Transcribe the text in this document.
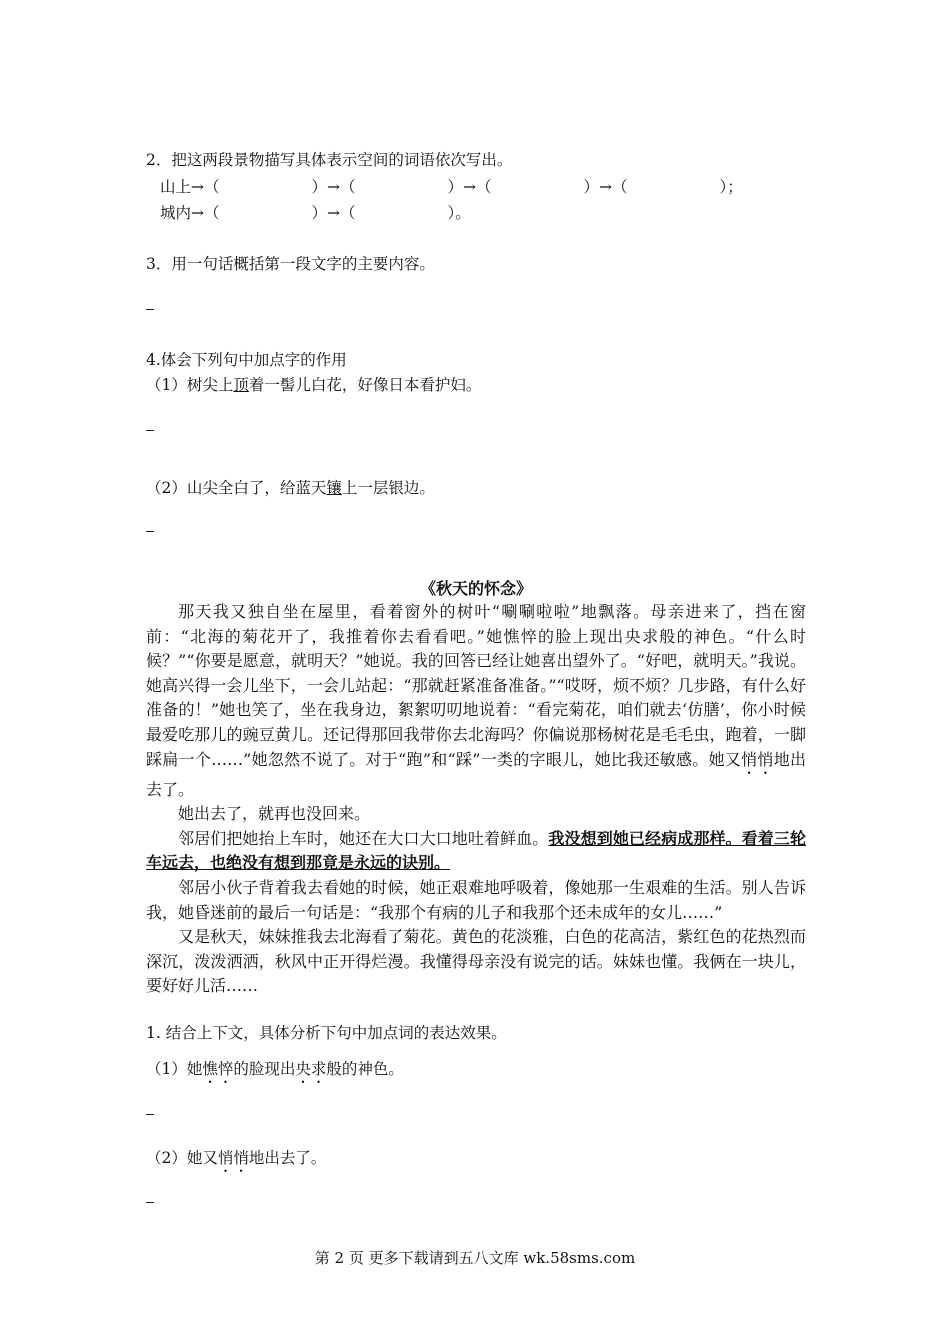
2．把这两段景物描写具体表示空间的词语依次写出。
山上→（	）→（	）→（	）→（	）；
城内→（	）→（	）。
3．用一句话概括第一段文字的主要内容。
4.体会下列句中加点字的作用
（1）树尖上顶着一髻儿白花，好像日本看护妇。
（2）山尖全白了，给蓝天镶上一层银边。
《秋天的怀念》

那天我又独自坐在屋里，看着窗外的树叶“唰唰啦啦”地飘落。母亲进来了，挡在窗前：“北海的菊花开了，我推着你去看看吧。”她憔悴的脸上现出央求般的神色。“什么时候？”“你要是愿意，就明天？”她说。我的回答已经让她喜出望外了。“好吧，就明天。”我说。她高兴得一会儿坐下，一会儿站起：“那就赶紧准备准备。”“哎呀，烦不烦？几步路，有什么好准备的！”她也笑了，坐在我身边，絮絮叨叨地说着：“看完菊花，咱们就去‘仿膳’，你小时候最爱吃那儿的豌豆黄儿。还记得那回我带你去北海吗？你偏说那杨树花是毛毛虫，跑着，一脚踩扁一个……”她忽然不说了。对于“跑”和“踩”一类的字眼儿，她比我还敏感。她又悄悄地出去了。

她出去了，就再也没回来。

邻居们把她抬上车时，她还在大口大口地吐着鲜血。我没想到她已经病成那样。看着三轮车远去，也绝没有想到那竟是永远的诀别。

邻居小伙子背着我去看她的时候，她正艰难地呼吸着，像她那一生艰难的生活。别人告诉我，她昏迷前的最后一句话是：“我那个有病的儿子和我那个还未成年的女儿……”

又是秋天，妹妹推我去北海看了菊花。黄色的花淡雅，白色的花高洁，紫红色的花热烈而深沉，泼泼洒洒，秋风中正开得烂漫。我懂得母亲没有说完的话。妹妹也懂。我俩在一块儿，要好好儿活……

1. 结合上下文，具体分析下句中加点词的表达效果。
（1）她憔悴的脸现出央求般的神色。
（2）她又悄悄地出去了。
第 2 页 更多下载请到五八文库 wk.58sms.com
